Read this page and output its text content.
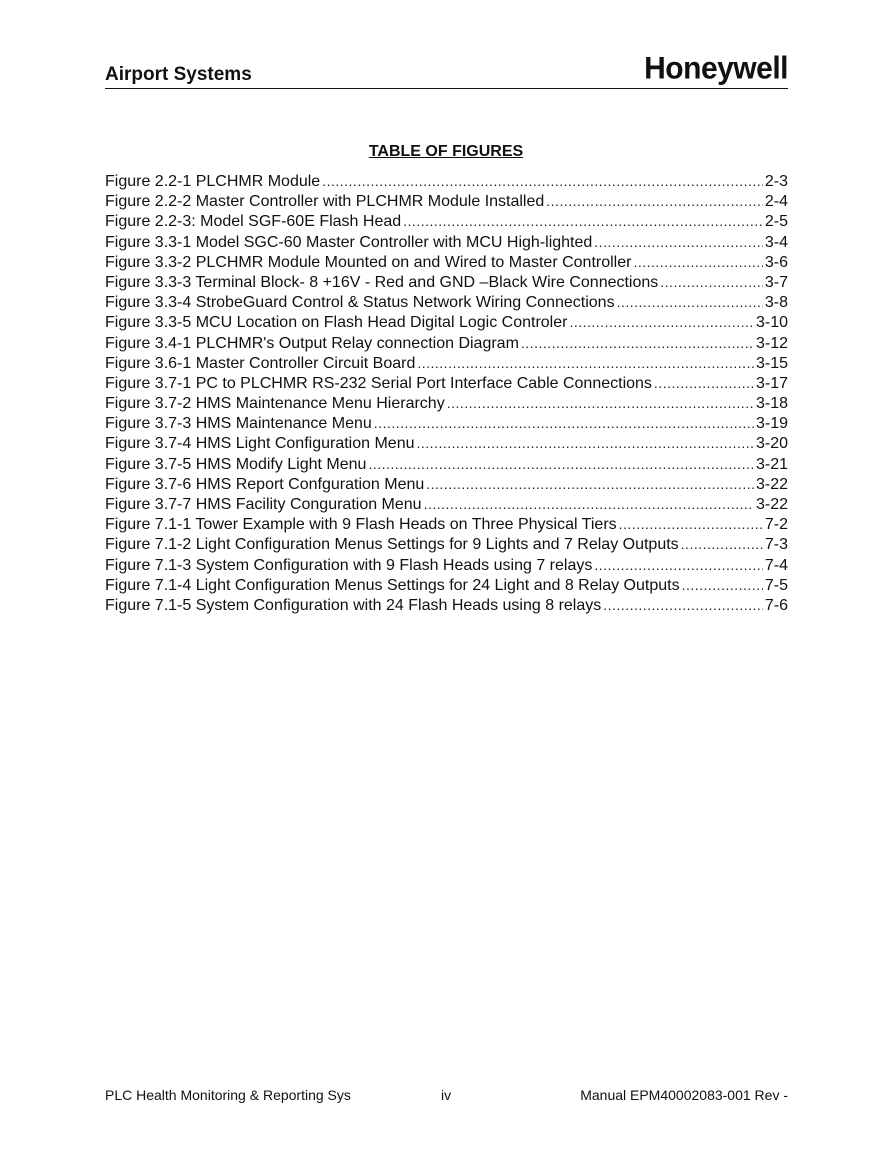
Airport Systems	Honeywell
TABLE OF FIGURES
Figure 2.2-1 PLCHMR Module .....	2-3
Figure 2.2-2 Master Controller with PLCHMR Module Installed .....	2-4
Figure 2.2-3: Model SGF-60E Flash Head .....	2-5
Figure 3.3-1 Model SGC-60 Master Controller with MCU High-lighted .....	3-4
Figure 3.3-2 PLCHMR Module Mounted on and Wired to Master Controller .....	3-6
Figure 3.3-3 Terminal Block- 8 +16V - Red and GND –Black Wire Connections .....	3-7
Figure 3.3-4 StrobeGuard Control & Status Network Wiring Connections .....	3-8
Figure 3.3-5 MCU Location on Flash Head Digital Logic Controler .....	3-10
Figure 3.4-1 PLCHMR's Output Relay connection Diagram .....	3-12
Figure 3.6-1 Master Controller Circuit Board .....	3-15
Figure 3.7-1 PC to PLCHMR RS-232 Serial Port Interface Cable Connections .....	3-17
Figure 3.7-2 HMS Maintenance Menu Hierarchy .....	3-18
Figure 3.7-3 HMS Maintenance Menu .....	3-19
Figure 3.7-4 HMS Light Configuration Menu .....	3-20
Figure 3.7-5 HMS Modify Light Menu .....	3-21
Figure 3.7-6 HMS Report Confguration Menu .....	3-22
Figure 3.7-7 HMS Facility Conguration Menu .....	3-22
Figure 7.1-1 Tower Example with 9 Flash Heads on Three Physical Tiers .....	7-2
Figure 7.1-2 Light Configuration Menus Settings for 9 Lights and 7 Relay Outputs .....	7-3
Figure 7.1-3 System Configuration with 9 Flash Heads using 7 relays .....	7-4
Figure 7.1-4 Light Configuration Menus Settings for 24 Light and 8 Relay Outputs .....	7-5
Figure 7.1-5 System Configuration with 24 Flash Heads using 8 relays .....	7-6
PLC Health Monitoring & Reporting Sys	iv	Manual EPM40002083-001 Rev -
